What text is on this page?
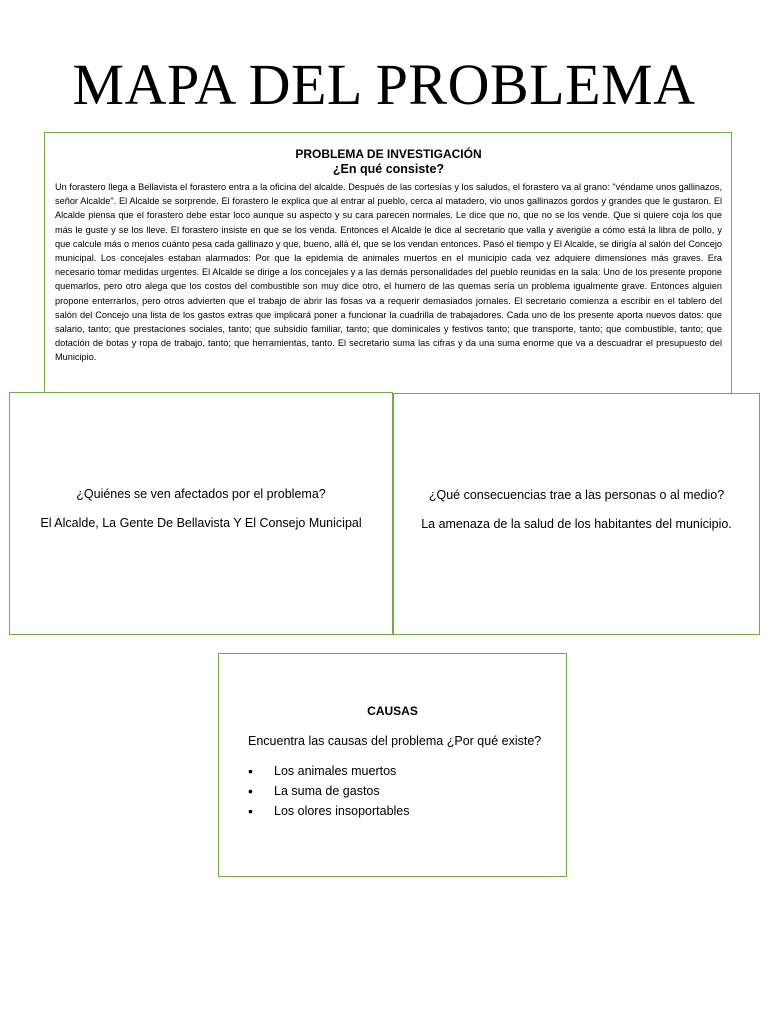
MAPA DEL PROBLEMA
PROBLEMA DE INVESTIGACIÓN
¿En qué consiste?
Un forastero llega a Bellavista el forastero entra a la oficina del alcalde. Después de las cortesías y los saludos, el forastero va al grano: "véndame unos gallinazos, señor Alcalde". El Alcalde se sorprende. El forastero le explica que al entrar al pueblo, cerca al matadero, vio unos gallinazos gordos y grandes que le gustaron. El Alcalde piensa que el forastero debe estar loco aunque su aspecto y su cara parecen normales. Le dice que no, que no se los vende. Que si quiere coja los que más le guste y se los lleve. El forastero insiste en que se los venda. Entonces el Alcalde le dice al secretario que valla y averigüe a cómo está la libra de pollo, y que calcule más o menos cuánto pesa cada gallinazo y que, bueno, allá él, que se los vendan entonces. Pasó el tiempo y El Alcalde, se dirigía al salón del Concejo municipal. Los concejales estaban alarmados: Por que la epidemia de animales muertos en el municipio cada vez adquiere dimensiones más graves. Era necesario tomar medidas urgentes. El Alcalde se dirige a los concejales y a las demás personalidades del pueblo reunidas en la sala: Uno de los presente propone quemarlos, pero otro alega que los costos del combustible son muy dice otro, el humero de las quemas sería un problema igualmente grave. Entonces alguien propone enterrarlos, pero otros advierten que el trabajo de abrir las fosas va a requerir demasiados jornales. El secretario comienza a escribir en el tablero del salón del Concejo una lista de los gastos extras que implicará poner a funcionar la cuadrilla de trabajadores. Cada uno de los presente aporta nuevos datos: que salario, tanto; que prestaciones sociales, tanto; que subsidio familiar, tanto; que dominicales y festivos tanto; que transporte, tanto; que combustible, tanto; que dotación de botas y ropa de trabajo, tanto; que herramientas, tanto. El secretario suma las cifras y da una suma enorme que va a descuadrar el presupuesto del Municipio.
¿Quiénes se ven afectados por el problema?
El Alcalde, La Gente De Bellavista Y El Consejo Municipal
¿Qué consecuencias trae a las personas o al medio?
La amenaza de la salud de los habitantes del municipio.
CAUSAS
Encuentra las causas del problema ¿Por qué existe?
•	Los animales muertos
•	La suma de gastos
•	Los olores insoportables
